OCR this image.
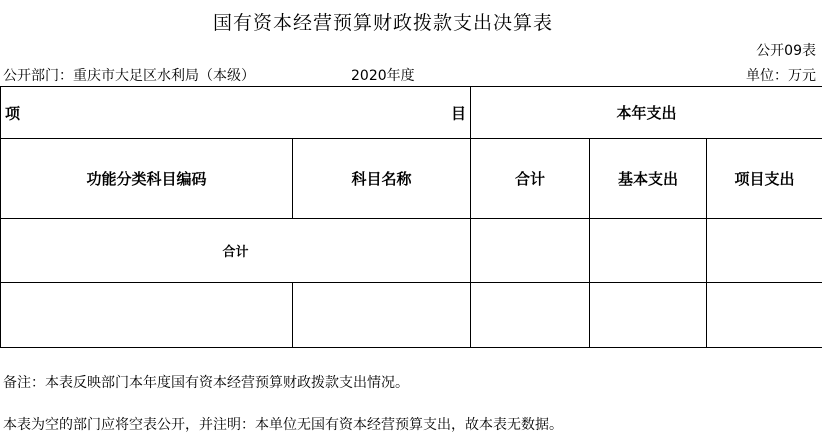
国有资本经营预算财政拨款支出决算表
公开09表
公开部门：重庆市大足区水利局（本级）	2020年度	单位：万元
项 目		本年支出		
功能分类科目编码	科目名称	合计	基本支出	项目支出
合计				

备注：本表反映部门本年度国有资本经营预算财政拨款支出情况。
本表为空的部门应将空表公开，并注明：本单位无国有资本经营预算支出，故本表无数据。
